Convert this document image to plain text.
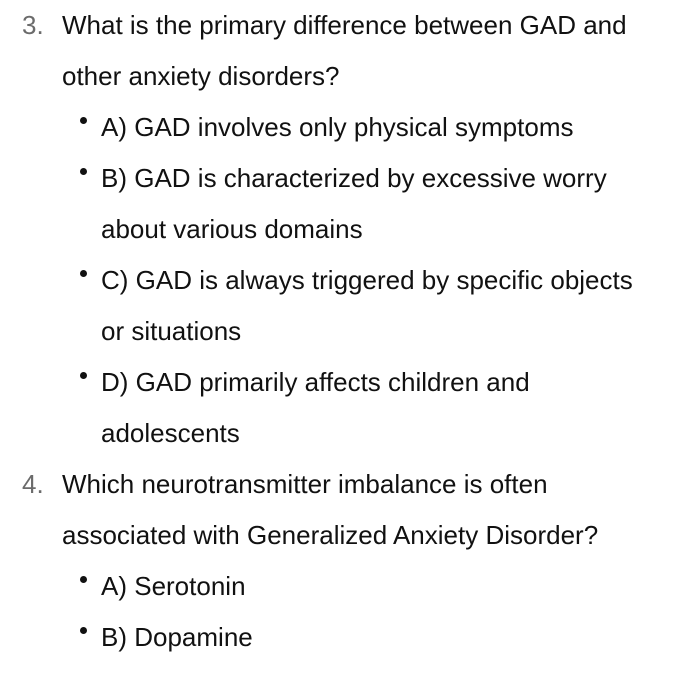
3. What is the primary difference between GAD and other anxiety disorders?
A) GAD involves only physical symptoms
B) GAD is characterized by excessive worry about various domains
C) GAD is always triggered by specific objects or situations
D) GAD primarily affects children and adolescents
4. Which neurotransmitter imbalance is often associated with Generalized Anxiety Disorder?
A) Serotonin
B) Dopamine
